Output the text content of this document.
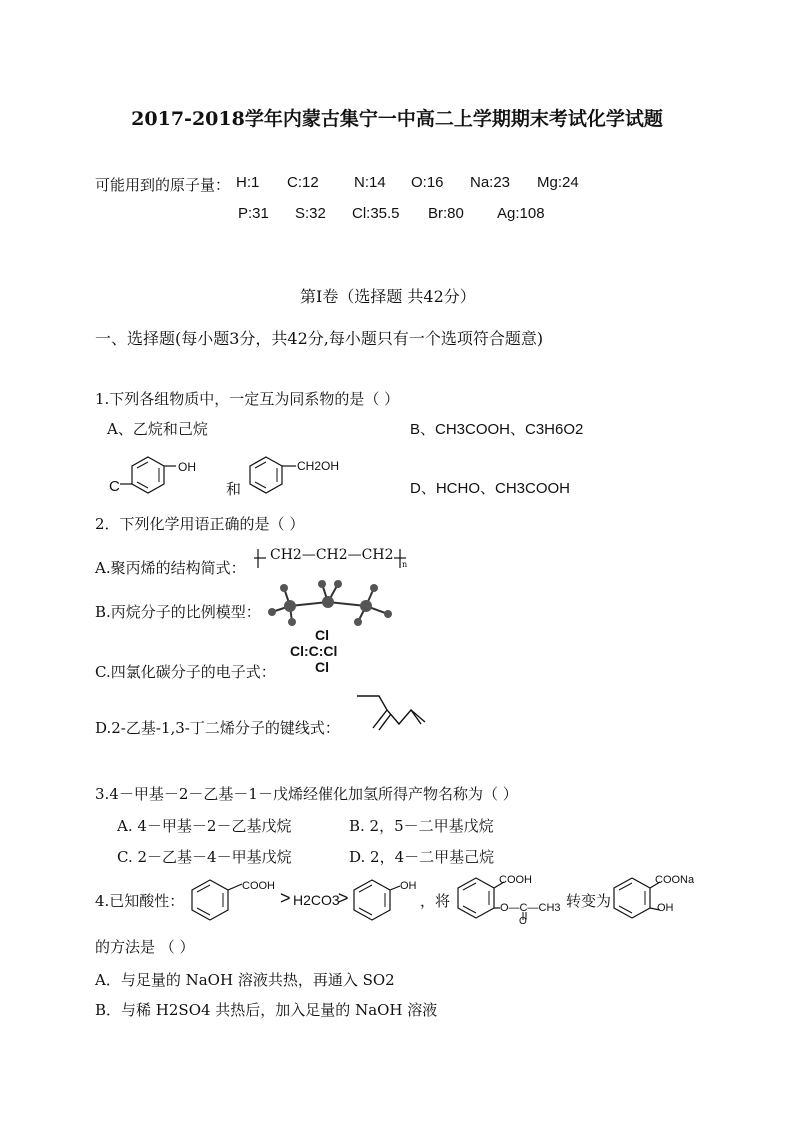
2017-2018学年内蒙古集宁一中高二上学期期末考试化学试题
可能用到的原子量： H:1 C:12 N:14 O:16 Na:23 Mg:24
P:31 S:32 Cl:35.5 Br:80 Ag:108
第Ⅰ卷（选择题 共42分）
一、选择题(每小题3分，共42分,每小题只有一个选项符合题意)
1.下列各组物质中，一定互为同系物的是（ ）
A、乙烷和己烷	B、CH3COOH、C3H6O2
C
OH
和
CH2OH
D、HCHO、CH3COOH
2．下列化学用语正确的是（ ）
A.聚丙烯的结构简式：
CH2—CH2—CH2
n
B.丙烷分子的比例模型：
C.四氯化碳分子的电子式：
Cl
Cl:C:Cl
Cl
D.2-乙基-1,3-丁二烯分子的键线式：
3.4－甲基－2－乙基－1－戊烯经催化加氢所得产物名称为（ ）
A. 4－甲基－2－乙基戊烷	B. 2，5－二甲基戊烷
C. 2－乙基－4－甲基戊烷	D. 2，4－二甲基己烷
4.已知酸性：
COOH
> H2CO3
>
OH
，将
COOH
O—C—CH3
O
转变为
COONa
OH
的方法是 （ ）
A．与足量的 NaOH 溶液共热，再通入 SO2
B．与稀 H2SO4 共热后，加入足量的 NaOH 溶液
